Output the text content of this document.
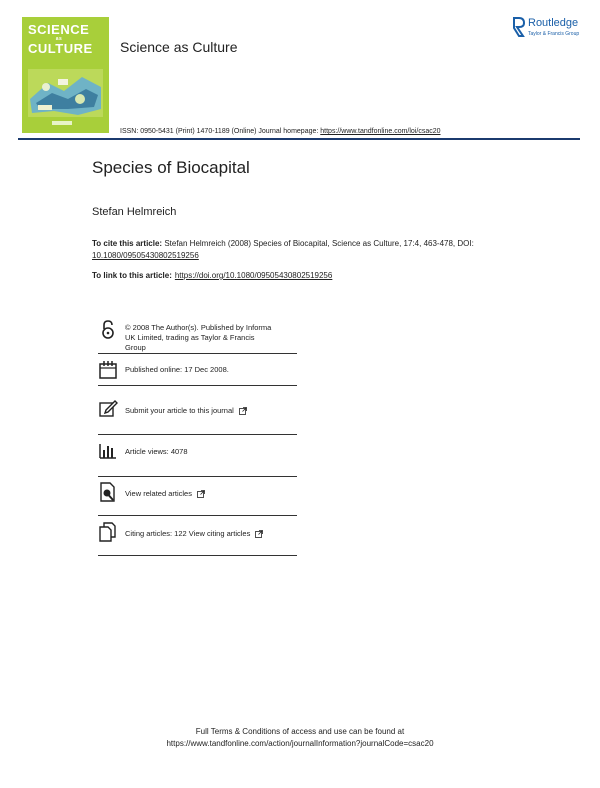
SCIENCE
as
CULTURE Science as Culture
Routledge
Taylor & Francis Group
ISSN: 0950-5431 (Print) 1470-1189 (Online) Journal homepage: https://www.tandfonline.com/loi/csac20
Species of Biocapital
Stefan Helmreich
To cite this article: Stefan Helmreich (2008) Species of Biocapital, Science as Culture, 17:4, 463-478, DOI: 10.1080/09505430802519256
To link to this article: https://doi.org/10.1080/09505430802519256
© 2008 The Author(s). Published by Informa
UK Limited, trading as Taylor & Francis
Group
Published online: 17 Dec 2008.
Submit your article to this journal
Article views: 4078
View related articles
Citing articles: 122 View citing articles
Full Terms & Conditions of access and use can be found at
https://www.tandfonline.com/action/journalInformation?journalCode=csac20
